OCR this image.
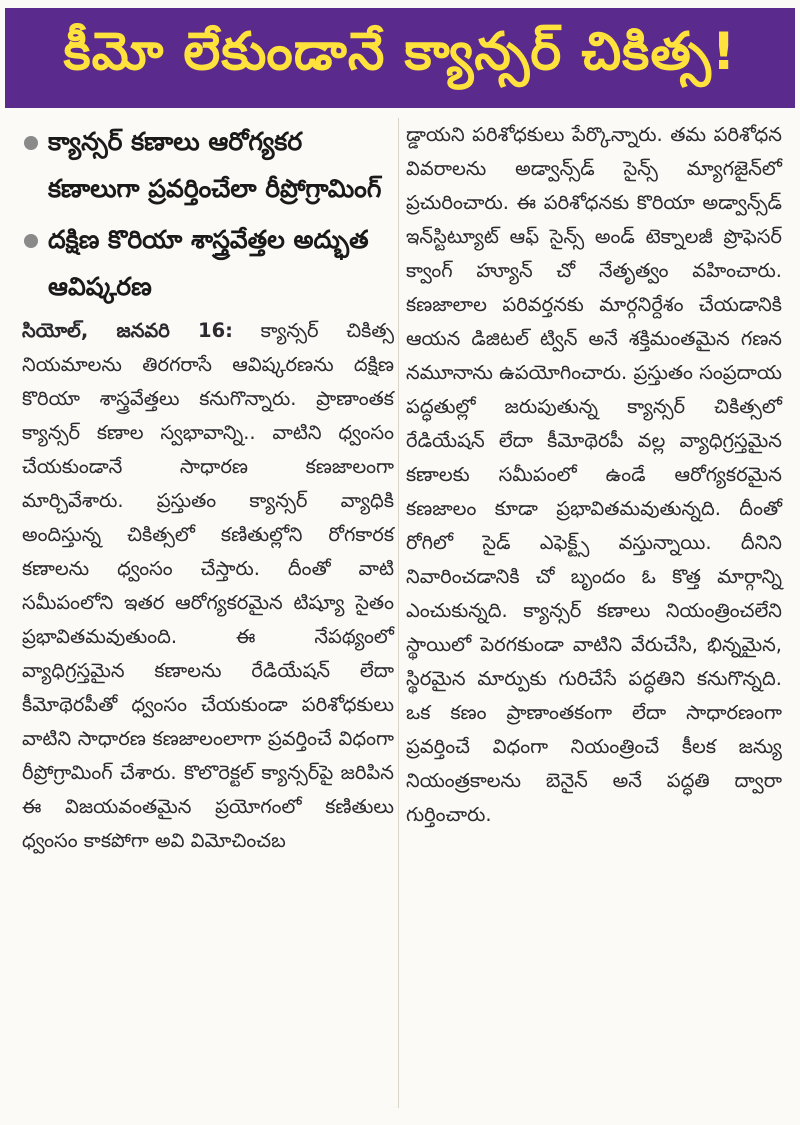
కీమో లేకుండానే క్యాన్సర్ చికిత్స!
క్యాన్సర్ కణాలు ఆరోగ్యకర కణాలుగా ప్రవర్తించేలా రీప్రోగ్రామింగ్
దక్షిణ కొరియా శాస్త్రవేత్తల అద్భుత ఆవిష్కరణ

సియోల్, జనవరి 16: క్యాన్సర్ చికిత్స నియమాలను తిరగరాసే ఆవిష్కరణను దక్షిణ కొరియా శాస్త్రవేత్తలు కనుగొన్నారు. ప్రాణాంతక క్యాన్సర్ కణాల స్వభావాన్ని.. వాటిని ధ్వంసం చేయకుండానే సాధారణ కణజాలంగా మార్చివేశారు. ప్రస్తుతం క్యాన్సర్ వ్యాధికి అందిస్తున్న చికిత్సలో కణితుల్లోని రోగకారక కణాలను ధ్వంసం చేస్తారు. దీంతో వాటి సమీపంలోని ఇతర ఆరోగ్యకరమైన టిష్యూ సైతం ప్రభావితమవుతుంది. ఈ నేపథ్యంలో వ్యాధిగ్రస్తమైన కణాలను రేడియేషన్ లేదా కీమోథెరపీతో ధ్వంసం చేయకుండా పరిశోధకులు వాటిని సాధారణ కణజాలంలాగా ప్రవర్తించే విధంగా రీప్రోగ్రామింగ్ చేశారు. కొలొరెక్టల్ క్యాన్సర్‌పై జరిపిన ఈ విజయవంతమైన ప్రయోగంలో కణితులు ధ్వంసం కాకపోగా అవి విమోచించబ

డ్డాయని పరిశోధకులు పేర్కొన్నారు. తమ పరిశోధన వివరాలను అడ్వాన్స్‌డ్ సైన్స్ మ్యాగజైన్‌లో ప్రచురించారు. ఈ పరిశోధనకు కొరియా అడ్వాన్స్‌డ్ ఇన్‌స్టిట్యూట్ ఆఫ్ సైన్స్ అండ్ టెక్నాలజీ ప్రొఫెసర్ క్వాంగ్ హ్యూన్ చో నేతృత్వం వహించారు. కణజాలాల పరివర్తనకు మార్గనిర్దేశం చేయడానికి ఆయన డిజిటల్ ట్విన్ అనే శక్తిమంతమైన గణన నమూనాను ఉపయోగించారు. ప్రస్తుతం సంప్రదాయ పద్ధతుల్లో జరుపుతున్న క్యాన్సర్ చికిత్సలో రేడియేషన్ లేదా కీమోథెరపీ వల్ల వ్యాధిగ్రస్తమైన కణాలకు సమీపంలో ఉండే ఆరోగ్యకరమైన కణజాలం కూడా ప్రభావితమవుతున్నది. దీంతో రోగిలో సైడ్ ఎఫెక్ట్స్ వస్తున్నాయి. దీనిని నివారించడానికి చో బృందం ఓ కొత్త మార్గాన్ని ఎంచుకున్నది. క్యాన్సర్ కణాలు నియంత్రించలేని స్థాయిలో పెరగకుండా వాటిని వేరుచేసి, భిన్నమైన, స్థిరమైన మార్పుకు గురిచేసే పద్ధతిని కనుగొన్నది. ఒక కణం ప్రాణాంతకంగా లేదా సాధారణంగా ప్రవర్తించే విధంగా నియంత్రించే కీలక జన్యు నియంత్రకాలను బెనైన్ అనే పద్ధతి ద్వారా గుర్తించారు.
